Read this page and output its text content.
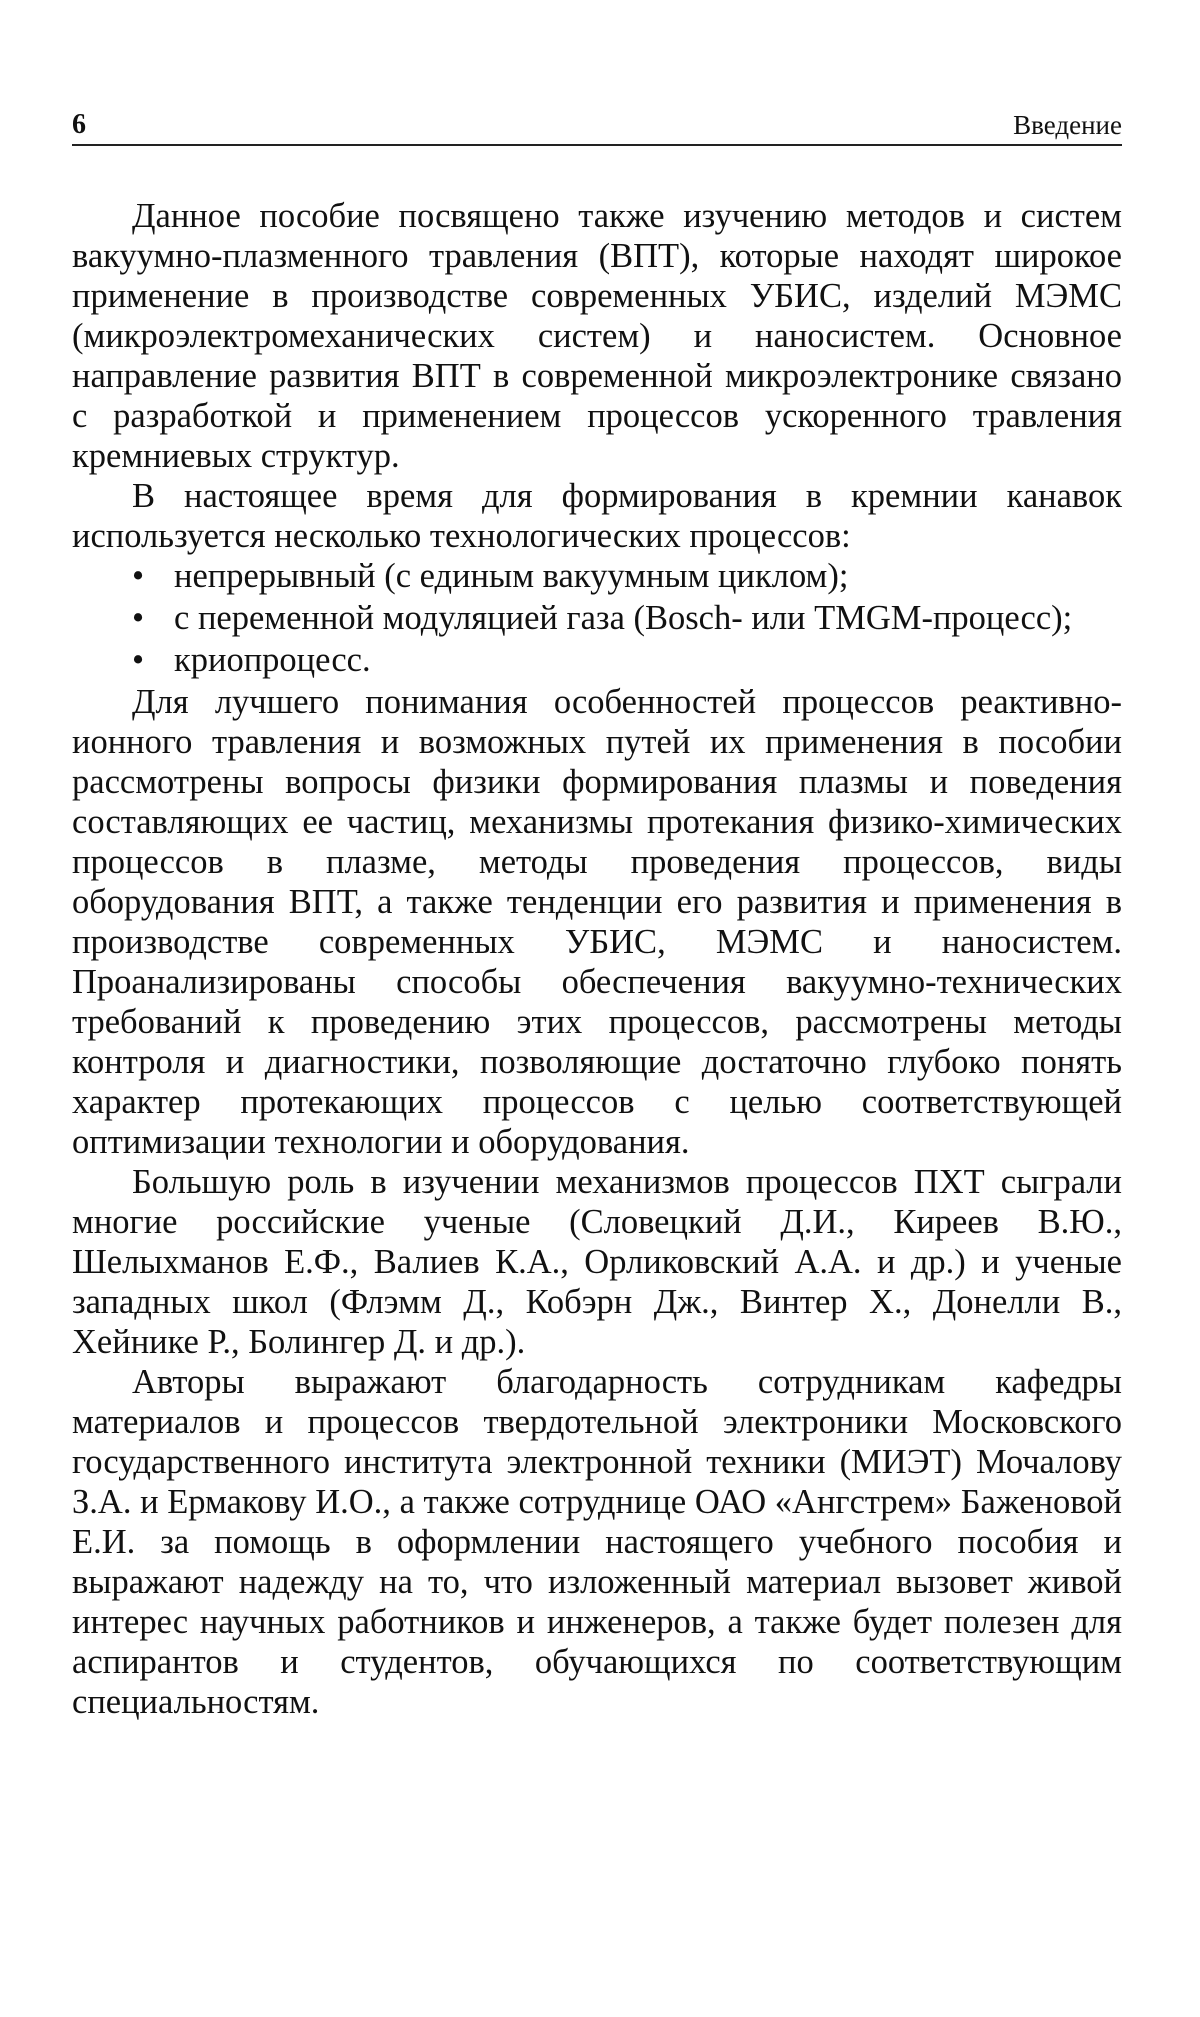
6	Введение

Данное пособие посвящено также изучению методов и систем вакуумно-плазменного травления (ВПТ), которые находят широкое применение в производстве современных УБИС, изделий МЭМС (микроэлектромеханических систем) и наносистем. Основное направление развития ВПТ в современной микроэлектронике связано с разработкой и применением процессов ускоренного травления кремниевых структур.

В настоящее время для формирования в кремнии канавок используется несколько технологических процессов:

• непрерывный (с единым вакуумным циклом);
• с переменной модуляцией газа (Bosch- или TMGM-процесс);
• криопроцесс.

Для лучшего понимания особенностей процессов реактивно-ионного травления и возможных путей их применения в пособии рассмотрены вопросы физики формирования плазмы и поведения составляющих ее частиц, механизмы протекания физико-химических процессов в плазме, методы проведения процессов, виды оборудования ВПТ, а также тенденции его развития и применения в производстве современных УБИС, МЭМС и наносистем. Проанализированы способы обеспечения вакуумно-технических требований к проведению этих процессов, рассмотрены методы контроля и диагностики, позволяющие достаточно глубоко понять характер протекающих процессов с целью соответствующей оптимизации технологии и оборудования.

Большую роль в изучении механизмов процессов ПХТ сыграли многие российские ученые (Словецкий Д.И., Киреев В.Ю., Шелыхманов Е.Ф., Валиев К.А., Орликовский А.А. и др.) и ученые западных школ (Флэмм Д., Кобэрн Дж., Винтер Х., Донелли В., Хейнике Р., Болингер Д. и др.).

Авторы выражают благодарность сотрудникам кафедры материалов и процессов твердотельной электроники Московского государственного института электронной техники (МИЭТ) Мочалову З.А. и Ермакову И.О., а также сотруднице ОАО «Ангстрем» Баженовой Е.И. за помощь в оформлении настоящего учебного пособия и выражают надежду на то, что изложенный материал вызовет живой интерес научных работников и инженеров, а также будет полезен для аспирантов и студентов, обучающихся по соответствующим специальностям.
